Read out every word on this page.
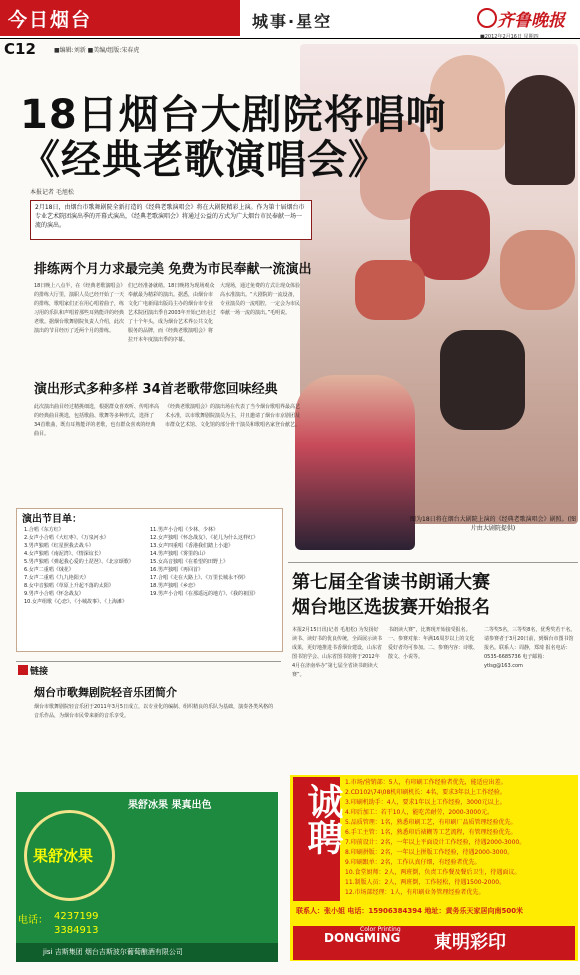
今日烟台	城事·星空	齐鲁晚报
C12	■编辑:刘新 ■美编/组版:宋春虎
■2012年2月16日 星期四
18日烟台大剧院将唱响
《经典老歌演唱会》
本报记者 毛旭松
2月18日，由烟台市歌舞剧院全新打造的《经典老歌演唱会》将在大剧院精彩上演。作为第十届烟台市专业艺术院团演出季的开幕式演出，《经典老歌演唱会》将通过公益的方式为广大烟台市民奉献一场一流的演出。
排练两个月力求最完美 免费为市民奉献一流演出
18日晚上八点半，在《经典老歌演唱会》的排练大厅里，演职人员已经开始了一天的排练，歌唱家们正在用心唱着曲子，练习用的乐队和声唱着那些耳熟能详的经典老歌。据烟台歌舞剧院负责人介绍，此次演出的节目经历了近两个月的排练。
们已经准备就绪。18日晚将为现场观众奉献最为精彩的演出。据悉，由烟台市文化广电新闻出版局主办的烟台市专业艺术院团演出季自2003年开始已经走过了十个年头，成为烟台艺术界公共文化服务的品牌，而《经典老歌演唱会》将拉开本年度演出季的序幕。
大现场，通过免费的方式让现众体验高水准演出。“大剧院的一流设备，专业演员的一流唱腔，一定会为市民奉献一场一流的演出。”毛明说。
演出形式多种多样 34首老歌带您回味经典
此次演出曲目经过精挑细选，根据群众喜欢听、传唱率高的经典曲目挑选，包括歌曲、歌舞等多种形式，选择了34首歌曲，既有耳熟能详的老歌，也有群众喜欢的经典曲目。
《经典老歌演唱会》的演出场在代表了当今烟台歌唱界最高艺术水准，以市歌舞剧院演员为主，并且邀请了烟台市京剧团及市群众艺术馆、文化馆的部分骨干演员和歌唱名家登台献艺。
图为18日将在烟台大剧院上演的《经典老歌演唱会》剧照。(图片由大剧院提供)
演出节目单：
1.合唱《东方红》
2.女声小合唱《大红枣》、《万泉河水》
3.男声独唱《红星照我去战斗》
4.女声独唱《南泥湾》、《情深谊长》
5.男声独唱《弹起我心爱的土琵琶》、《北京颂歌》
6.女声二重唱《绒花》
7.女声二重唱《九九艳阳天》
8.女中音独唱《草原上升起不落的太阳》
9.男声小合唱《怀念战友》
10.女声组歌《心恋》、《小城故事》、《上海滩》
11.男声小合唱《少林、少林》
12.女声独唱《怀念战友》、《花儿为什么这样红》
13.女声四重唱《香港我们踏上小道》
14.男声独唱《雾里的山》
15.女高音独唱《在希望的田野上》
16.男声独唱《再回首》
17.合唱《走在大路上》、《万里长城永不倒》
18.男声独唱《乡恋》
19.男声小合唱《在那遥远的地方》、《我的祖国》
第七届全省读书朗诵大赛
烟台地区选拔赛开始报名
本报2月15日讯(记者 毛旭松) 为发扬好读书、读好书的优良传统，全面展示读书成果，更好地推进书香烟台建设，山东省图书馆学会、山东省图书馆将于2012年4月在济南举办“第七届全省读书朗读大赛”。
书朗读大赛”，比赛现开始接受报名。一、参赛对象：年满16周岁以上的文化爱好者均可参加。二、参赛内容：诗歌、散文、小说等。
二等奖5名，三等奖8名，优秀奖若干名。请参赛者于3月20日前，到烟台市图书馆报名。联系人：周静，郑琦 报名电话：0535-6685736 电子邮箱：ytlsg@163.com
链接
烟台市歌舞剧院轻音乐团简介
烟台市歌舞剧院轻音乐团于2011年3月5日成立，以专业化的编制、组织精良的乐队为基础，演奏各类风格的音乐作品，为烟台市民带来新的音乐享受。
果舒冰果 果真出色
果舒冰果
电话： 4237199
3384913
jisi 吉斯集团 烟台吉斯波尔葡萄酿酒有限公司
诚聘
1.市场/营销部：5人，有印刷工作经验者优先，能适应出差。
2.CD102\74\08机印刷机长：4名，要求3年以上工作经验。
3.印刷机助手：4人，要求1年以上工作经验，3000元以上。
4.印后加工：若干10人，能吃苦耐劳，2000-3000元。
5.品质管理：1名，熟悉印刷工艺，有印刷厂品质管理经验优先。
6.手工主管：1名，熟悉印后裱糊等工艺流程，有管理经验优先。
7.印前设计：2名，一年以上平面设计工作经验，待遇2000-3000。
8.印刷拼版：2名，一年以上拼版工作经验，待遇2000-3000。
9.印刷跟单：2名，工作认真仔细，有经验者优先。
10.食堂厨师：2人，两班倒，负责工作餐及餐后卫生，待遇面议。
11.制版人员：2人，两班倒，工作轻松，待遇1500-2000。
12.市场部经理：1人，有印刷业务管理经验者优先。
联系人：张小姐 电话：15906384394 地址：黄务乐天家居向南500米
DONGMING
Color Printing
東明彩印
